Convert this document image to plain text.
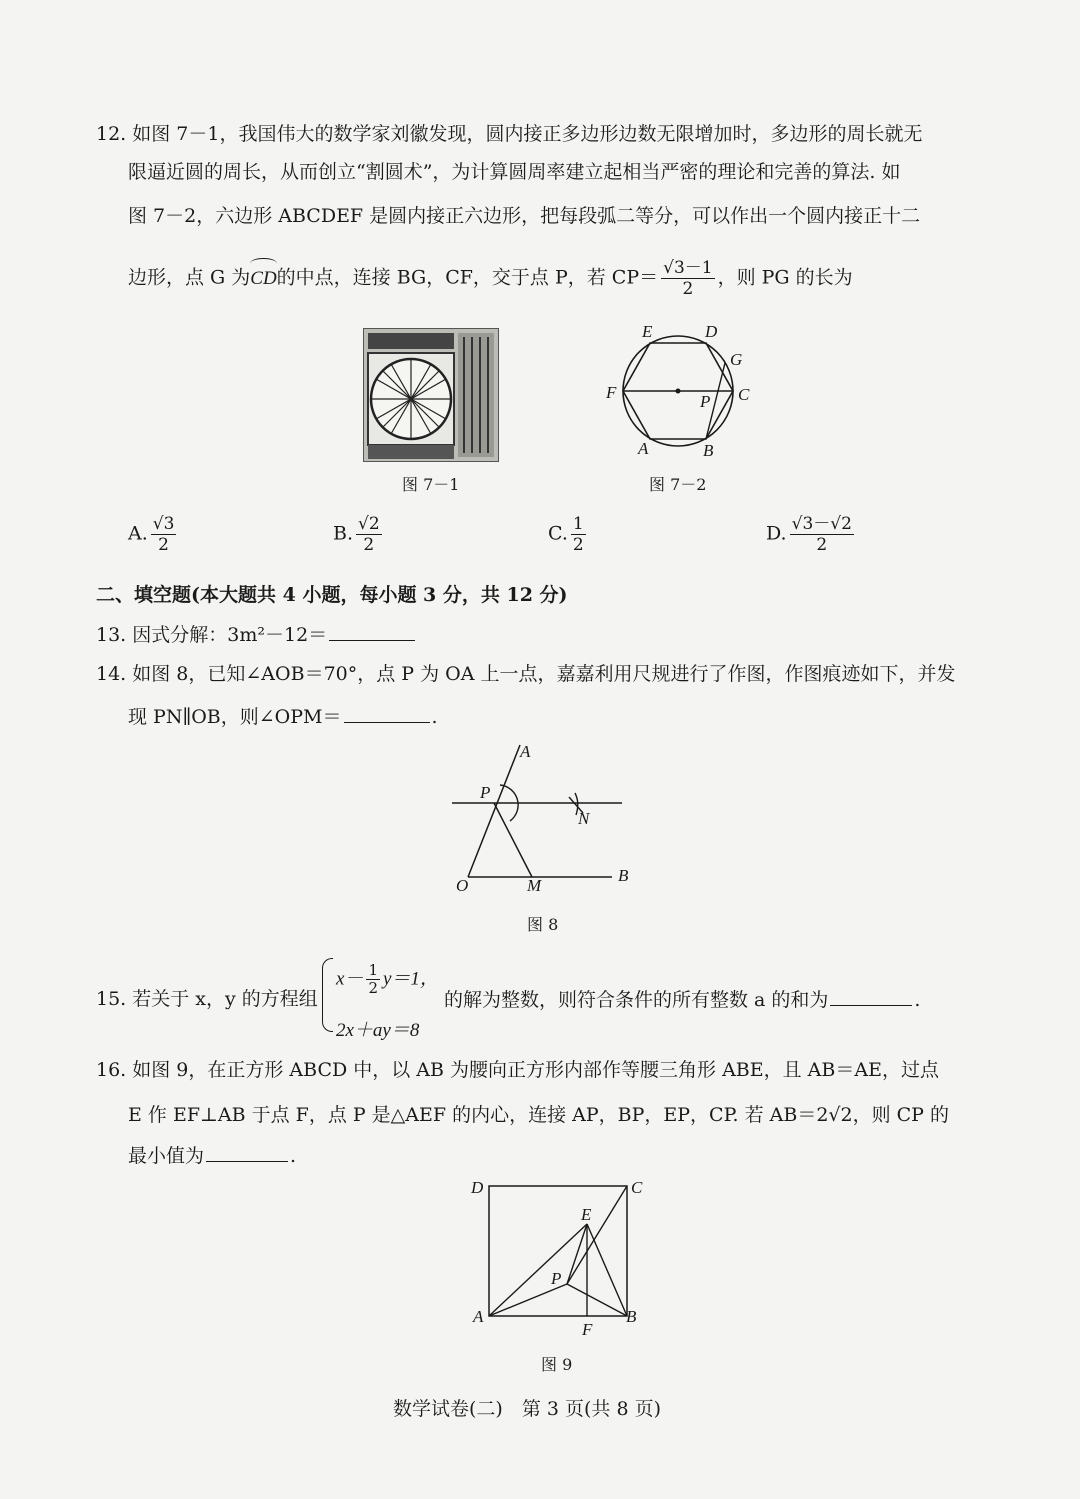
12. 如图 7－1，我国伟大的数学家刘徽发现，圆内接正多边形边数无限增加时，多边形的周长就无
限逼近圆的周长，从而创立“割圆术”，为计算圆周率建立起相当严密的理论和完善的算法. 如
图 7－2，六边形 ABCDEF 是圆内接正六边形，把每段弧二等分，可以作出一个圆内接正十二
边形，点 G 为
CD的中点，连接 BG，CF，交于点 P，若 $CP= \frac{√3-1}{2}$ ，则 PG 的长为
图 7－1
E	D
G
F	P C
A	B
图 7－2
A. $\frac{√3}{2}$	B. $\frac{√2}{2}$	C. $\frac{1}{2}$	D. $\frac{√3-√2}{2}$
二、填空题(本大题共 4 小题，每小题 3 分，共 12 分)
13. 因式分解：3m²－12＝
14. 如图 8，已知∠AOB＝70°，点 P 为 OA 上一点，嘉嘉利用尺规进行了作图，作图痕迹如下，并发
现 PN∥OB，则∠OPM＝	.
A
P
N
O	M
B
图 8
15. 若关于 x，y 的方程组
$x- \frac{1}{2} y=1$，
2x＋ay＝8
的解为整数，则符合条件的所有整数 a 的和为	.
16. 如图 9，在正方形 ABCD 中，以 AB 为腰向正方形内部作等腰三角形 ABE，且 AB＝AE，过点
E 作 EF⊥AB 于点 F，点 P 是△AEF 的内心，连接 AP，BP，EP，CP. 若 AB＝2√2，则 CP 的
最小值为	.
D	C
E
P
A	B
F
图 9
数学试卷(二)　第 3 页(共 8 页)
